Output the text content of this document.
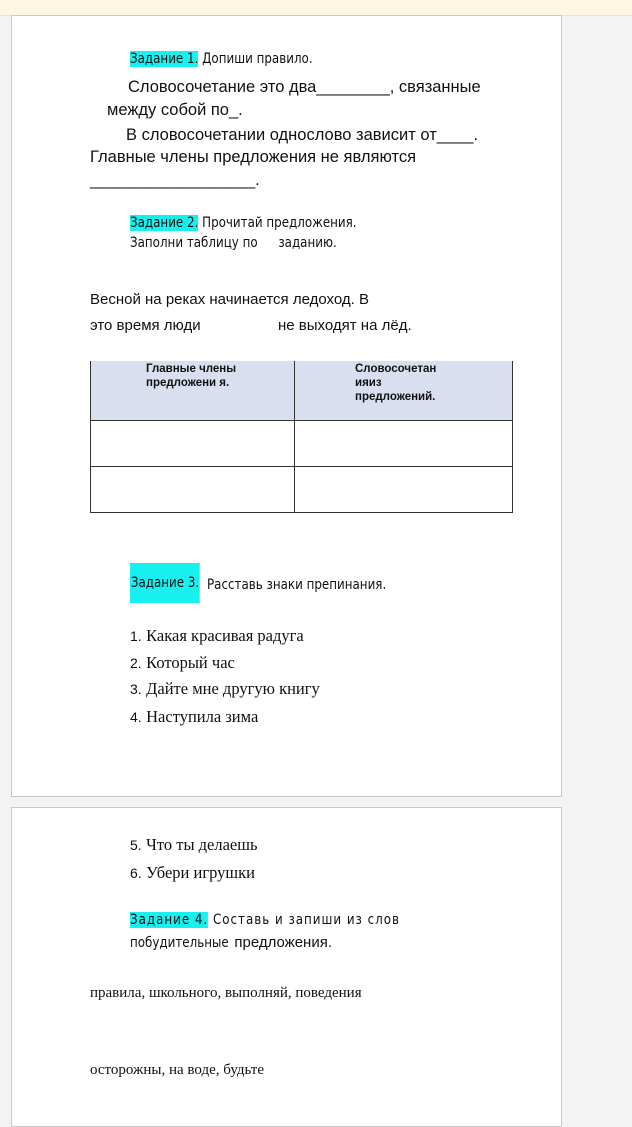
Задание 1. Допиши правило.
Словосочетание это два________, связанные
между собой по_.
В словосочетании однослово зависит от____.
Главные члены предложения не являются
__________________.
Задание 2. Прочитай предложения.
Заполни таблицу по заданию.
Весной на реках начинается ледоход. В
это время люди	не выходят на лёд.
Главные члены предложени я.	Словосочетан ияиз предложений.

Задание 3. Расставь знаки препинания.
1. Какая красивая радуга
2. Который час
3. Дайте мне другую книгу
4. Наступила зима
5. Что ты делаешь
6. Убери игрушки
Задание 4. Составь и запиши из слов
побудительные предложения.
правила, школьного, выполняй, поведения
осторожны, на воде, будьте
